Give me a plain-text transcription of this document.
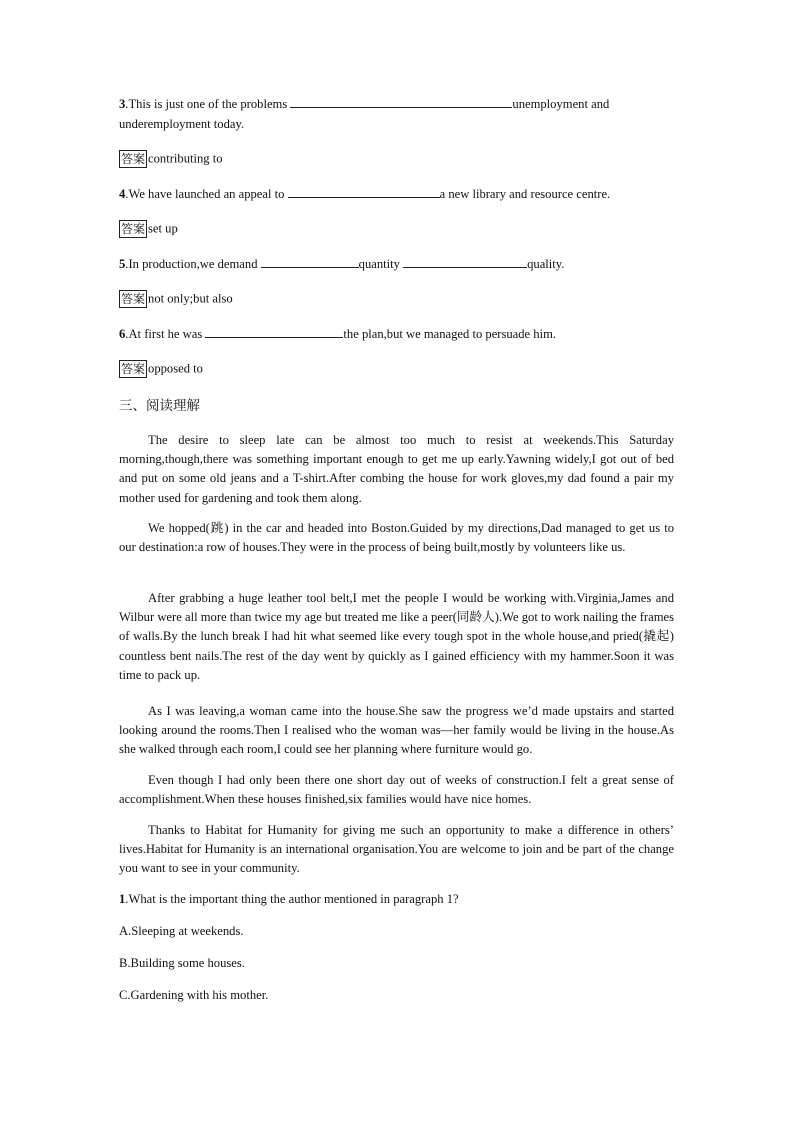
3.This is just one of the problems	unemployment and
underemployment today.
答案 contributing to
4.We have launched an appeal to	a new library and resource centre.
答案 set up
5.In production,we demand	quantity	quality.
答案 not only;but also
6.At first he was	the plan,but we managed to persuade him.
答案 opposed to
三、阅读理解
The desire to sleep late can be almost too much to resist at weekends.This Saturday morning,though,there was something important enough to get me up early.Yawning widely,I got out of bed and put on some old jeans and a T-shirt.After combing the house for work gloves,my dad found a pair my mother used for gardening and took them along.
We hopped(跳) in the car and headed into Boston.Guided by my directions,Dad managed to get us to our destination:a row of houses.They were in the process of being built,mostly by volunteers like us.
After grabbing a huge leather tool belt,I met the people I would be working with.Virginia,James and Wilbur were all more than twice my age but treated me like a peer(同龄人).We got to work nailing the frames of walls.By the lunch break I had hit what seemed like every tough spot in the whole house,and pried(撬起) countless bent nails.The rest of the day went by quickly as I gained efficiency with my hammer.Soon it was time to pack up.
As I was leaving,a woman came into the house.She saw the progress we’d made upstairs and started looking around the rooms.Then I realised who the woman was—her family would be living in the house.As she walked through each room,I could see her planning where furniture would go.
Even though I had only been there one short day out of weeks of construction.I felt a great sense of accomplishment.When these houses finished,six families would have nice homes.
Thanks to Habitat for Humanity for giving me such an opportunity to make a difference in others’ lives.Habitat for Humanity is an international organisation.You are welcome to join and be part of the change you want to see in your community.
1.What is the important thing the author mentioned in paragraph 1?
A.Sleeping at weekends.
B.Building some houses.
C.Gardening with his mother.
